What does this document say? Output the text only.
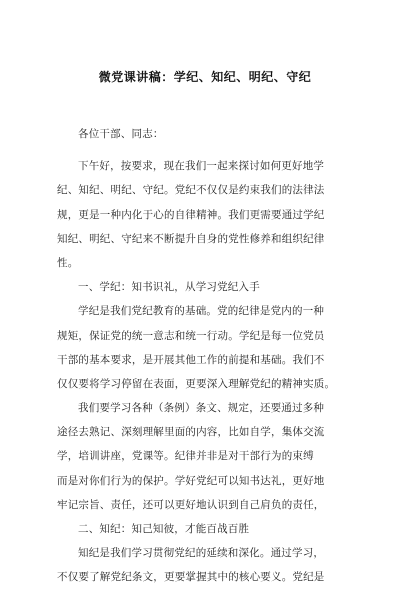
微党课讲稿：学纪、知纪、明纪、守纪
各位干部、同志：
下午好，按要求，现在我们一起来探讨如何更好地学
纪、知纪、明纪、守纪。党纪不仅仅是约束我们的法律法
规，更是一种内化于心的自律精神。我们更需要通过学纪
知纪、明纪、守纪来不断提升自身的党性修养和组织纪律
性。
一、学纪：知书识礼，从学习党纪入手
学纪是我们党纪教育的基础。党的纪律是党内的一种
规矩，保证党的统一意志和统一行动。学纪是每一位党员
干部的基本要求，是开展其他工作的前提和基础。我们不
仅仅要将学习停留在表面，更要深入理解党纪的精神实质。
我们要学习各种（条例）条文、规定，还要通过多种
途径去熟记、深刻理解里面的内容，比如自学，集体交流
学，培训讲座，党课等。纪律并非是对干部行为的束缚
而是对你们行为的保护。学好党纪可以知书达礼，更好地
牢记宗旨、责任，还可以更好地认识到自己肩负的责任，
二、知纪：知己知彼，才能百战百胜
知纪是我们学习贯彻党纪的延续和深化。通过学习，
不仅要了解党纪条文，更要掌握其中的核心要义。党纪是
